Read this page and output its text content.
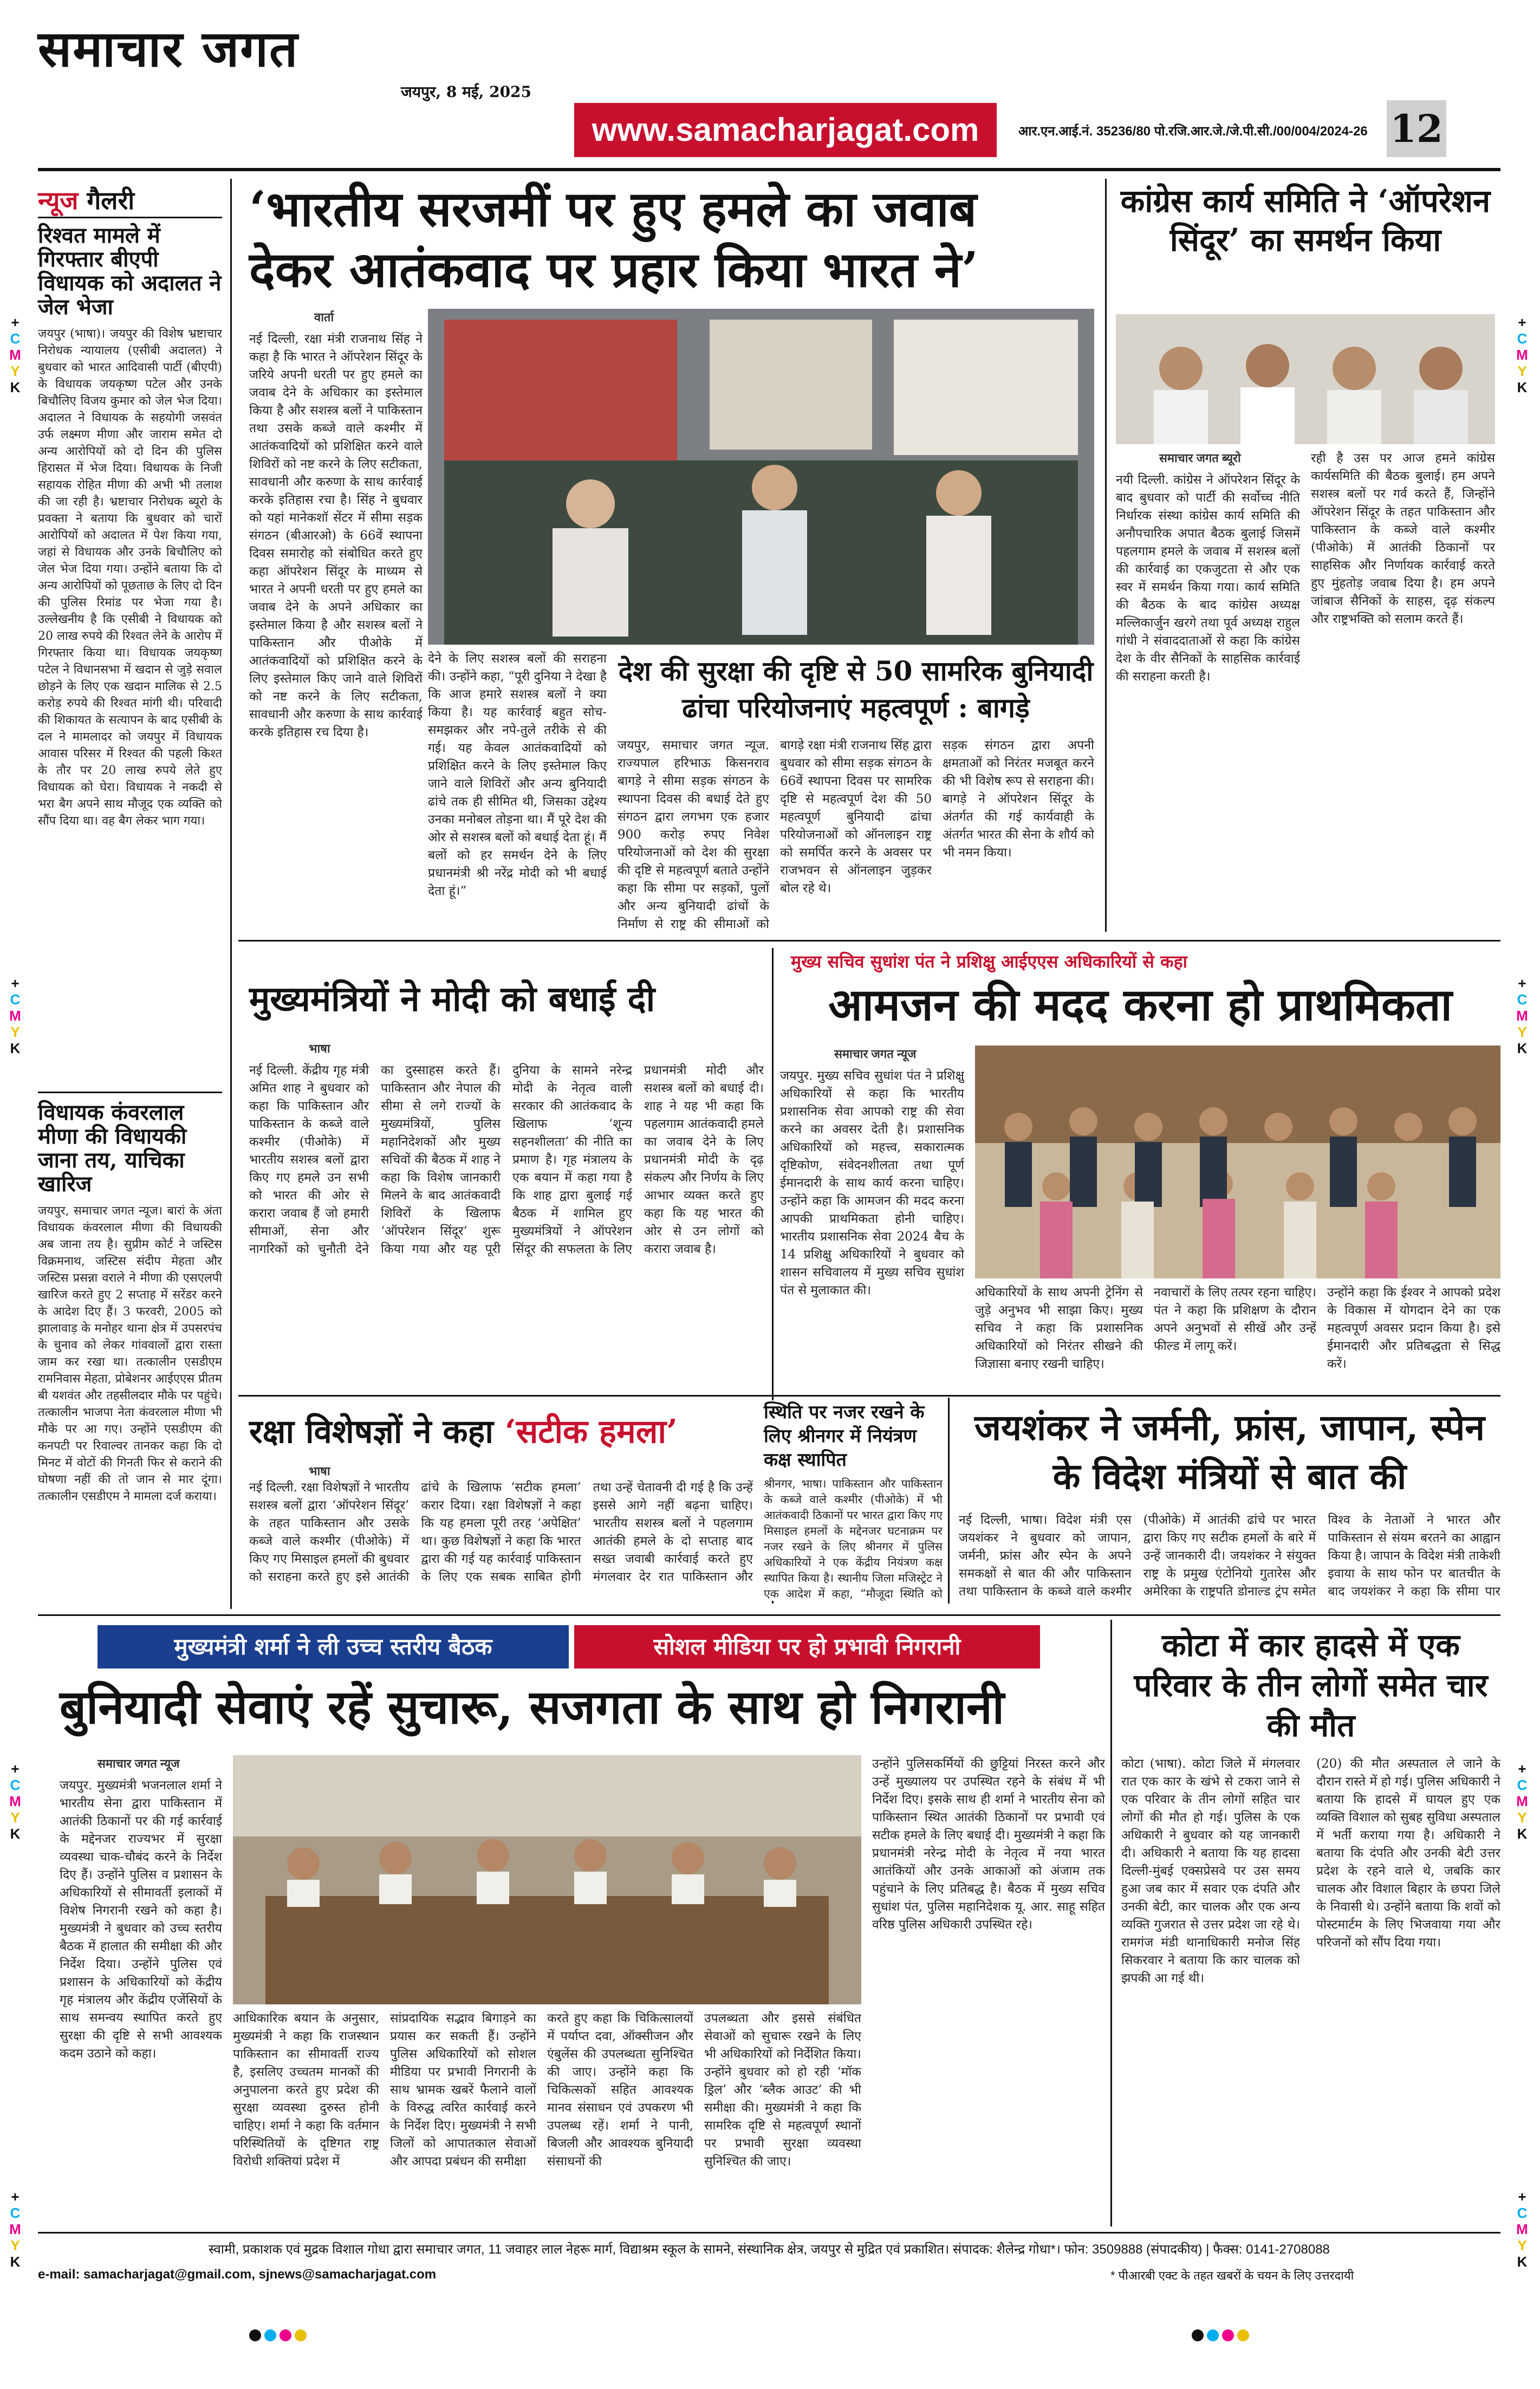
+
C
M
Y
K
+
C
M
Y
K
+
C
M
Y
K
+
C
M
Y
K
+
C
M
Y
K
+
C
M
Y
K
+
C
M
Y
K
+
C
M
Y
K
समाचार जगत
जयपुर, 8 मई, 2025
www.samacharjagat.com	आर.एन.आई.नं. 35236/80 पो.रजि.आर.जे./जे.पी.सी./00/004/2024-26 12
न्यूज गैलरी
रिश्वत मामले में गिरफ्तार बीएपी विधायक को अदालत ने जेल भेजा
जयपुर (भाषा)। जयपुर की विशेष भ्रष्टाचार निरोधक न्यायालय (एसीबी अदालत) ने बुधवार को भारत आदिवासी पार्टी (बीएपी) के विधायक जयकृष्ण पटेल और उनके बिचौलिए विजय कुमार को जेल भेज दिया। अदालत ने विधायक के सहयोगी जसवंत उर्फ लक्ष्मण मीणा और जाराम समेत दो अन्य आरोपियों को दो दिन की पुलिस हिरासत में भेज दिया। विधायक के निजी सहायक रोहित मीणा की अभी भी तलाश की जा रही है। भ्रष्टाचार निरोधक ब्यूरो के प्रवक्ता ने बताया कि बुधवार को चारों आरोपियों को अदालत में पेश किया गया, जहां से विधायक और उनके बिचौलिए को जेल भेज दिया गया। उन्होंने बताया कि दो अन्य आरोपियों को पूछताछ के लिए दो दिन की पुलिस रिमांड पर भेजा गया है। उल्लेखनीय है कि एसीबी ने विधायक को 20 लाख रुपये की रिश्वत लेने के आरोप में गिरफ्तार किया था। विधायक जयकृष्ण पटेल ने विधानसभा में खदान से जुड़े सवाल छोड़ने के लिए एक खदान मालिक से 2.5 करोड़ रुपये की रिश्वत मांगी थी। परिवादी की शिकायत के सत्यापन के बाद एसीबी के दल ने मामलादर को जयपुर में विधायक आवास परिसर में रिश्वत की पहली किश्त के तौर पर 20 लाख रुपये लेते हुए विधायक को घेरा। विधायक ने नकदी से भरा बैग अपने साथ मौजूद एक व्यक्ति को सौंप दिया था। वह बैग लेकर भाग गया।
विधायक कंवरलाल मीणा की विधायकी जाना तय, याचिका खारिज
जयपुर, समाचार जगत न्यूज। बारां के अंता विधायक कंवरलाल मीणा की विधायकी अब जाना तय है। सुप्रीम कोर्ट ने जस्टिस विक्रमनाथ, जस्टिस संदीप मेहता और जस्टिस प्रसन्ना वराले ने मीणा की एसएलपी खारिज करते हुए 2 सप्ताह में सरेंडर करने के आदेश दिए हैं। 3 फरवरी, 2005 को झालावाड़ के मनोहर थाना क्षेत्र में उपसरपंच के चुनाव को लेकर गांववालों द्वारा रास्ता जाम कर रखा था। तत्कालीन एसडीएम रामनिवास मेहता, प्रोबेशनर आईएएस प्रीतम बी यशवंत और तहसीलदार मौके पर पहुंचे। तत्कालीन भाजपा नेता कंवरलाल मीणा भी मौके पर आ गए। उन्होंने एसडीएम की कनपटी पर रिवाल्वर तानकर कहा कि दो मिनट में वोटों की गिनती फिर से कराने की घोषणा नहीं की तो जान से मार दूंगा। तत्कालीन एसडीएम ने मामला दर्ज कराया।
‘भारतीय सरजमीं पर हुए हमले का जवाब
देकर आतंकवाद पर प्रहार किया भारत ने’
वार्ता
नई दिल्ली, रक्षा मंत्री राजनाथ सिंह ने कहा है कि भारत ने ऑपरेशन सिंदूर के जरिये अपनी धरती पर हुए हमले का जवाब देने के अधिकार का इस्तेमाल किया है और सशस्त्र बलों ने पाकिस्तान तथा उसके कब्जे वाले कश्मीर में आतंकवादियों को प्रशिक्षित करने वाले शिविरों को नष्ट करने के लिए सटीकता, सावधानी और करुणा के साथ कार्रवाई करके इतिहास रचा है। सिंह ने बुधवार को यहां मानेकशॉ सेंटर में सीमा सड़क संगठन (बीआरओ) के 66वें स्थापना दिवस समारोह को संबोधित करते हुए कहा ऑपरेशन सिंदूर के माध्यम से भारत ने अपनी धरती पर हुए हमले का जवाब देने के अपने अधिकार का इस्तेमाल किया है और सशस्त्र बलों ने पाकिस्तान और पीओके में आतंकवादियों को प्रशिक्षित करने के लिए इस्तेमाल किए जाने वाले शिविरों को नष्ट करने के लिए सटीकता, सावधानी और करुणा के साथ कार्रवाई करके इतिहास रच दिया है।
देने के लिए सशस्त्र बलों की सराहना की। उन्होंने कहा, “पूरी दुनिया ने देखा है कि आज हमारे सशस्त्र बलों ने क्या किया है। यह कार्रवाई बहुत सोच-समझकर और नपे-तुले तरीके से की गई। यह केवल आतंकवादियों को प्रशिक्षित करने के लिए इस्तेमाल किए जाने वाले शिविरों और अन्य बुनियादी ढांचे तक ही सीमित थी, जिसका उद्देश्य उनका मनोबल तोड़ना था। मैं पूरे देश की ओर से सशस्त्र बलों को बधाई देता हूं। मैं बलों को हर समर्थन देने के लिए प्रधानमंत्री श्री नरेंद्र मोदी को भी बधाई देता हूं।”
देश की सुरक्षा की दृष्टि से 50 सामरिक बुनियादी ढांचा परियोजनाएं महत्वपूर्ण : बागड़े
जयपुर, समाचार जगत न्यूज. राज्यपाल हरिभाऊ किसनराव बागड़े ने सीमा सड़क संगठन के स्थापना दिवस की बधाई देते हुए संगठन द्वारा लगभग एक हजार 900 करोड़ रुपए निवेश परियोजनाओं को देश की सुरक्षा की दृष्टि से महत्वपूर्ण बताते उन्होंने कहा कि सीमा पर सड़कों, पुलों और अन्य बुनियादी ढांचों के निर्माण से राष्ट्र की सीमाओं को
बागड़े रक्षा मंत्री राजनाथ सिंह द्वारा बुधवार को सीमा सड़क संगठन के 66वें स्थापना दिवस पर सामरिक दृष्टि से महत्वपूर्ण देश की 50 महत्वपूर्ण बुनियादी ढांचा परियोजनाओं को ऑनलाइन राष्ट्र को समर्पित करने के अवसर पर राजभवन से ऑनलाइन जुड़कर बोल रहे थे।
सड़क संगठन द्वारा अपनी क्षमताओं को निरंतर मजबूत करने की भी विशेष रूप से सराहना की। बागड़े ने ऑपरेशन सिंदूर के अंतर्गत की गई कार्यवाही के अंतर्गत भारत की सेना के शौर्य को भी नमन किया।
कांग्रेस कार्य समिति ने ‘ऑपरेशन सिंदूर’ का समर्थन किया
समाचार जगत ब्यूरो
नयी दिल्ली. कांग्रेस ने ऑपरेशन सिंदूर के बाद बुधवार को पार्टी की सर्वोच्च नीति निर्धारक संस्था कांग्रेस कार्य समिति की अनौपचारिक अपात बैठक बुलाई जिसमें पहलगाम हमले के जवाब में सशस्त्र बलों की कार्रवाई का एकजुटता से और एक स्वर में समर्थन किया गया। कार्य समिति की बैठक के बाद कांग्रेस अध्यक्ष मल्लिकार्जुन खरगे तथा पूर्व अध्यक्ष राहुल गांधी ने संवाददाताओं से कहा कि कांग्रेस देश के वीर सैनिकों के साहसिक कार्रवाई की सराहना करती है।
रही है उस पर आज हमने कांग्रेस कार्यसमिति की बैठक बुलाई। हम अपने सशस्त्र बलों पर गर्व करते हैं, जिन्होंने ऑपरेशन सिंदूर के तहत पाकिस्तान और पाकिस्तान के कब्जे वाले कश्मीर (पीओके) में आतंकी ठिकानों पर साहसिक और निर्णायक कार्रवाई करते हुए मुंहतोड़ जवाब दिया है। हम अपने जांबाज सैनिकों के साहस, दृढ़ संकल्प और राष्ट्रभक्ति को सलाम करते हैं।
मुख्यमंत्रियों ने मोदी को बधाई दी
भाषा
नई दिल्ली. केंद्रीय गृह मंत्री अमित शाह ने बुधवार को कहा कि पाकिस्तान और पाकिस्तान के कब्जे वाले कश्मीर (पीओके) में भारतीय सशस्त्र बलों द्वारा किए गए हमले उन सभी को भारत की ओर से करारा जवाब हैं जो हमारी सीमाओं, सेना और नागरिकों को चुनौती देने का दुस्साहस करते हैं। पाकिस्तान और नेपाल की सीमा से लगे राज्यों के मुख्यमंत्रियों, पुलिस महानिदेशकों और मुख्य सचिवों की बैठक में शाह ने कहा कि विशेष जानकारी मिलने के बाद आतंकवादी शिविरों के खिलाफ ‘ऑपरेशन सिंदूर’ शुरू किया गया और यह पूरी दुनिया के सामने नरेन्द्र मोदी के नेतृत्व वाली सरकार की आतंकवाद के खिलाफ ‘शून्य सहनशीलता’ की नीति का प्रमाण है। गृह मंत्रालय के एक बयान में कहा गया है कि शाह द्वारा बुलाई गई बैठक में शामिल हुए मुख्यमंत्रियों ने ऑपरेशन सिंदूर की सफलता के लिए प्रधानमंत्री मोदी और सशस्त्र बलों को बधाई दी। शाह ने यह भी कहा कि पहलगाम आतंकवादी हमले का जवाब देने के लिए प्रधानमंत्री मोदी के दृढ़ संकल्प और निर्णय के लिए आभार व्यक्त करते हुए कहा कि यह भारत की ओर से उन लोगों को करारा जवाब है।
मुख्य सचिव सुधांश पंत ने प्रशिक्षु आईएएस अधिकारियों से कहा
आमजन की मदद करना हो प्राथमिकता
समाचार जगत न्यूज
जयपुर. मुख्य सचिव सुधांश पंत ने प्रशिक्षु अधिकारियों से कहा कि भारतीय प्रशासनिक सेवा आपको राष्ट्र की सेवा करने का अवसर देती है। प्रशासनिक अधिकारियों को महत्त्व, सकारात्मक दृष्टिकोण, संवेदनशीलता तथा पूर्ण ईमानदारी के साथ कार्य करना चाहिए। उन्होंने कहा कि आमजन की मदद करना आपकी प्राथमिकता होनी चाहिए। भारतीय प्रशासनिक सेवा 2024 बैच के 14 प्रशिक्षु अधिकारियों ने बुधवार को शासन सचिवालय में मुख्य सचिव सुधांश पंत से मुलाकात की।	अधिकारियों के साथ अपनी ट्रेनिंग से जुड़े अनुभव भी साझा किए। मुख्य सचिव ने कहा कि प्रशासनिक अधिकारियों को निरंतर सीखने की जिज्ञासा बनाए रखनी चाहिए।
नवाचारों के लिए तत्पर रहना चाहिए। पंत ने कहा कि प्रशिक्षण के दौरान अपने अनुभवों से सीखें और उन्हें फील्ड में लागू करें।
उन्होंने कहा कि ईश्वर ने आपको प्रदेश के विकास में योगदान देने का एक महत्वपूर्ण अवसर प्रदान किया है। इसे ईमानदारी और प्रतिबद्धता से सिद्ध करें।
रक्षा विशेषज्ञों ने कहा ‘सटीक हमला’
भाषा
नई दिल्ली. रक्षा विशेषज्ञों ने भारतीय सशस्त्र बलों द्वारा ‘ऑपरेशन सिंदूर’ के तहत पाकिस्तान और उसके कब्जे वाले कश्मीर (पीओके) में किए गए मिसाइल हमलों की बुधवार को सराहना करते हुए इसे आतंकी ढांचे के खिलाफ ‘सटीक हमला’ करार दिया। रक्षा विशेषज्ञों ने कहा कि यह हमला पूरी तरह ‘अपेक्षित’ था। कुछ विशेषज्ञों ने कहा कि भारत द्वारा की गई यह कार्रवाई पाकिस्तान के लिए एक सबक साबित होगी तथा उन्हें चेतावनी दी गई है कि उन्हें इससे आगे नहीं बढ़ना चाहिए। भारतीय सशस्त्र बलों ने पहलगाम आतंकी हमले के दो सप्ताह बाद सख्त जवाबी कार्रवाई करते हुए मंगलवार देर रात पाकिस्तान और
स्थिति पर नजर रखने के लिए श्रीनगर में नियंत्रण कक्ष स्थापित
श्रीनगर, भाषा। पाकिस्तान और पाकिस्तान के कब्जे वाले कश्मीर (पीओके) में भी आतंकवादी ठिकानों पर भारत द्वारा किए गए मिसाइल हमलों के मद्देनजर घटनाक्रम पर नजर रखने के लिए श्रीनगर में पुलिस अधिकारियों ने एक केंद्रीय नियंत्रण कक्ष स्थापित किया है। स्थानीय जिला मजिस्ट्रेट ने एक आदेश में कहा, “मौजूदा स्थिति को
जयशंकर ने जर्मनी, फ्रांस, जापान, स्पेन के विदेश मंत्रियों से बात की
नई दिल्ली, भाषा। विदेश मंत्री एस जयशंकर ने बुधवार को जापान, जर्मनी, फ्रांस और स्पेन के अपने समकक्षों से बात की और पाकिस्तान तथा पाकिस्तान के कब्जे वाले कश्मीर (पीओके) में आतंकी ढांचे पर भारत द्वारा किए गए सटीक हमलों के बारे में उन्हें जानकारी दी। जयशंकर ने संयुक्त राष्ट्र के प्रमुख एंटोनियो गुतारेस और अमेरिका के राष्ट्रपति डोनाल्ड ट्रंप समेत विश्व के नेताओं ने भारत और पाकिस्तान से संयम बरतने का आह्वान किया है। जापान के विदेश मंत्री ताकेशी इवाया के साथ फोन पर बातचीत के बाद जयशंकर ने कहा कि सीमा पार
मुख्यमंत्री शर्मा ने ली उच्च स्तरीय बैठक	सोशल मीडिया पर हो प्रभावी निगरानी
बुनियादी सेवाएं रहें सुचारू, सजगता के साथ हो निगरानी
समाचार जगत न्यूज
जयपुर. मुख्यमंत्री भजनलाल शर्मा ने भारतीय सेना द्वारा पाकिस्तान में आतंकी ठिकानों पर की गई कार्रवाई के मद्देनजर राज्यभर में सुरक्षा व्यवस्था चाक-चौबंद करने के निर्देश दिए हैं। उन्होंने पुलिस व प्रशासन के अधिकारियों से सीमावर्ती इलाकों में विशेष निगरानी रखने को कहा है। मुख्यमंत्री ने बुधवार को उच्च स्तरीय बैठक में हालात की समीक्षा की और निर्देश दिया। उन्होंने पुलिस एवं प्रशासन के अधिकारियों को केंद्रीय गृह मंत्रालय और केंद्रीय एजेंसियों के साथ समन्वय स्थापित करते हुए सुरक्षा की दृष्टि से सभी आवश्यक कदम उठाने को कहा।
आधिकारिक बयान के अनुसार, मुख्यमंत्री ने कहा कि राजस्थान पाकिस्तान का सीमावर्ती राज्य है, इसलिए उच्चतम मानकों की अनुपालना करते हुए प्रदेश की सुरक्षा व्यवस्था दुरुस्त होनी चाहिए। शर्मा ने कहा कि वर्तमान परिस्थितियों के दृष्टिगत राष्ट्र विरोधी शक्तियां प्रदेश में
सांप्रदायिक सद्भाव बिगाड़ने का प्रयास कर सकती हैं। उन्होंने पुलिस अधिकारियों को सोशल मीडिया पर प्रभावी निगरानी के साथ भ्रामक खबरें फैलाने वालों के विरुद्ध त्वरित कार्रवाई करने के निर्देश दिए। मुख्यमंत्री ने सभी जिलों को आपातकाल सेवाओं और आपदा प्रबंधन की समीक्षा
करते हुए कहा कि चिकित्सालयों में पर्याप्त दवा, ऑक्सीजन और एंबुलेंस की उपलब्धता सुनिश्चित की जाए। उन्होंने कहा कि चिकित्सकों सहित आवश्यक मानव संसाधन एवं उपकरण भी उपलब्ध रहें। शर्मा ने पानी, बिजली और आवश्यक बुनियादी संसाधनों की
उपलब्धता और इससे संबंधित सेवाओं को सुचारू रखने के लिए भी अधिकारियों को निर्देशित किया। उन्होंने बुधवार को हो रही ‘मॉक ड्रिल’ और ‘ब्लैक आउट’ की भी समीक्षा की। मुख्यमंत्री ने कहा कि सामरिक दृष्टि से महत्वपूर्ण स्थानों पर प्रभावी सुरक्षा व्यवस्था सुनिश्चित की जाए।
उन्होंने पुलिसकर्मियों की छुट्टियां निरस्त करने और उन्हें मुख्यालय पर उपस्थित रहने के संबंध में भी निर्देश दिए। इसके साथ ही शर्मा ने भारतीय सेना को पाकिस्तान स्थित आतंकी ठिकानों पर प्रभावी एवं सटीक हमले के लिए बधाई दी। मुख्यमंत्री ने कहा कि प्रधानमंत्री नरेन्द्र मोदी के नेतृत्व में नया भारत आतंकियों और उनके आकाओं को अंजाम तक पहुंचाने के लिए प्रतिबद्ध है। बैठक में मुख्य सचिव सुधांश पंत, पुलिस महानिदेशक यू. आर. साहू सहित वरिष्ठ पुलिस अधिकारी उपस्थित रहे।
कोटा में कार हादसे में एक परिवार के तीन लोगों समेत चार की मौत
कोटा (भाषा). कोटा जिले में मंगलवार रात एक कार के खंभे से टकरा जाने से एक परिवार के तीन लोगों सहित चार लोगों की मौत हो गई। पुलिस के एक अधिकारी ने बुधवार को यह जानकारी दी। अधिकारी ने बताया कि यह हादसा दिल्ली-मुंबई एक्सप्रेसवे पर उस समय हुआ जब कार में सवार एक दंपति और उनकी बेटी, कार चालक और एक अन्य व्यक्ति गुजरात से उत्तर प्रदेश जा रहे थे। रामगंज मंडी थानाधिकारी मनोज सिंह सिकरवार ने बताया कि कार चालक को झपकी आ गई थी।
(20) की मौत अस्पताल ले जाने के दौरान रास्ते में हो गई। पुलिस अधिकारी ने बताया कि हादसे में घायल हुए एक व्यक्ति विशाल को सुबह सुविधा अस्पताल में भर्ती कराया गया है। अधिकारी ने बताया कि दंपति और उनकी बेटी उत्तर प्रदेश के रहने वाले थे, जबकि कार चालक और विशाल बिहार के छपरा जिले के निवासी थे। उन्होंने बताया कि शवों को पोस्टमार्टम के लिए भिजवाया गया और परिजनों को सौंप दिया गया।
स्वामी, प्रकाशक एवं मुद्रक विशाल गोधा द्वारा समाचार जगत, 11 जवाहर लाल नेहरू मार्ग, विद्याश्रम स्कूल के सामने, संस्थानिक क्षेत्र, जयपुर से मुद्रित एवं प्रकाशित। संपादक: शैलेन्द्र गोधा*। फोन: 3509888 (संपादकीय) | फैक्स: 0141-2708088
e-mail: samacharjagat@gmail.com, sjnews@samacharjagat.com	* पीआरबी एक्ट के तहत खबरों के चयन के लिए उत्तरदायी
